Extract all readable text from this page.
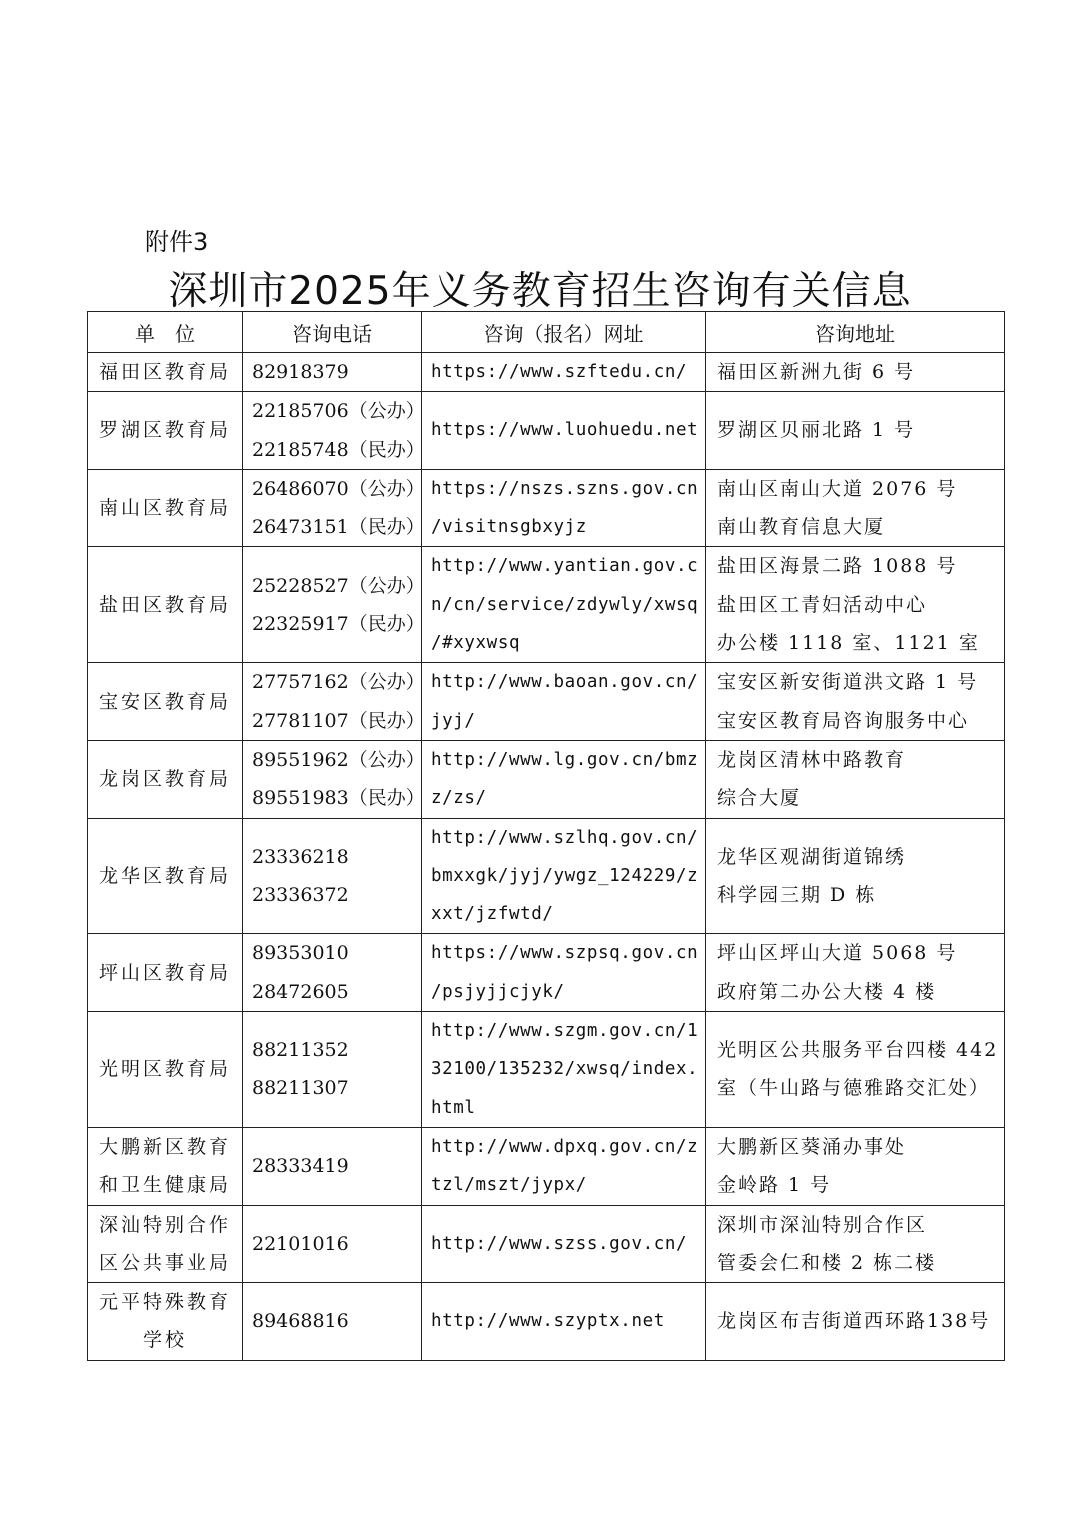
附件3
深圳市2025年义务教育招生咨询有关信息
单　位	咨询电话	咨询（报名）网址	咨询地址

福田区教育局	82918379	https://www.szftedu.cn/	福田区新洲九街 6 号

罗湖区教育局	22185706（公办）
22185748（民办）	https://www.luohuedu.net	罗湖区贝丽北路 1 号

南山区教育局	26486070（公办）
26473151（民办）	https://nszs.szns.gov.cn
/visitnsgbxyjz	南山区南山大道 2076 号
南山教育信息大厦

盐田区教育局	25228527（公办）
22325917（民办）	http://www.yantian.gov.c
n/cn/service/zdywly/xwsq
/#xyxwsq	盐田区海景二路 1088 号
盐田区工青妇活动中心
办公楼 1118 室、1121 室

宝安区教育局	27757162（公办）
27781107（民办）	http://www.baoan.gov.cn/
jyj/	宝安区新安街道洪文路 1 号
宝安区教育局咨询服务中心

龙岗区教育局	89551962（公办）
89551983（民办）	http://www.lg.gov.cn/bmz
z/zs/	龙岗区清林中路教育
综合大厦

龙华区教育局	23336218
23336372	http://www.szlhq.gov.cn/
bmxxgk/jyj/ywgz_124229/z
xxt/jzfwtd/	龙华区观湖街道锦绣
科学园三期 D 栋

坪山区教育局	89353010
28472605	https://www.szpsq.gov.cn
/psjyjjcjyk/	坪山区坪山大道 5068 号
政府第二办公大楼 4 楼

光明区教育局	88211352
88211307	http://www.szgm.gov.cn/1
32100/135232/xwsq/index.
html	光明区公共服务平台四楼 442
室（牛山路与德雅路交汇处）

大鹏新区教育
和卫生健康局	28333419	http://www.dpxq.gov.cn/z
tzl/mszt/jypx/	大鹏新区葵涌办事处
金岭路 1 号

深汕特别合作
区公共事业局	22101016	http://www.szss.gov.cn/	深圳市深汕特别合作区
管委会仁和楼 2 栋二楼

元平特殊教育
学校	89468816	http://www.szyptx.net	龙岗区布吉街道西环路138号
